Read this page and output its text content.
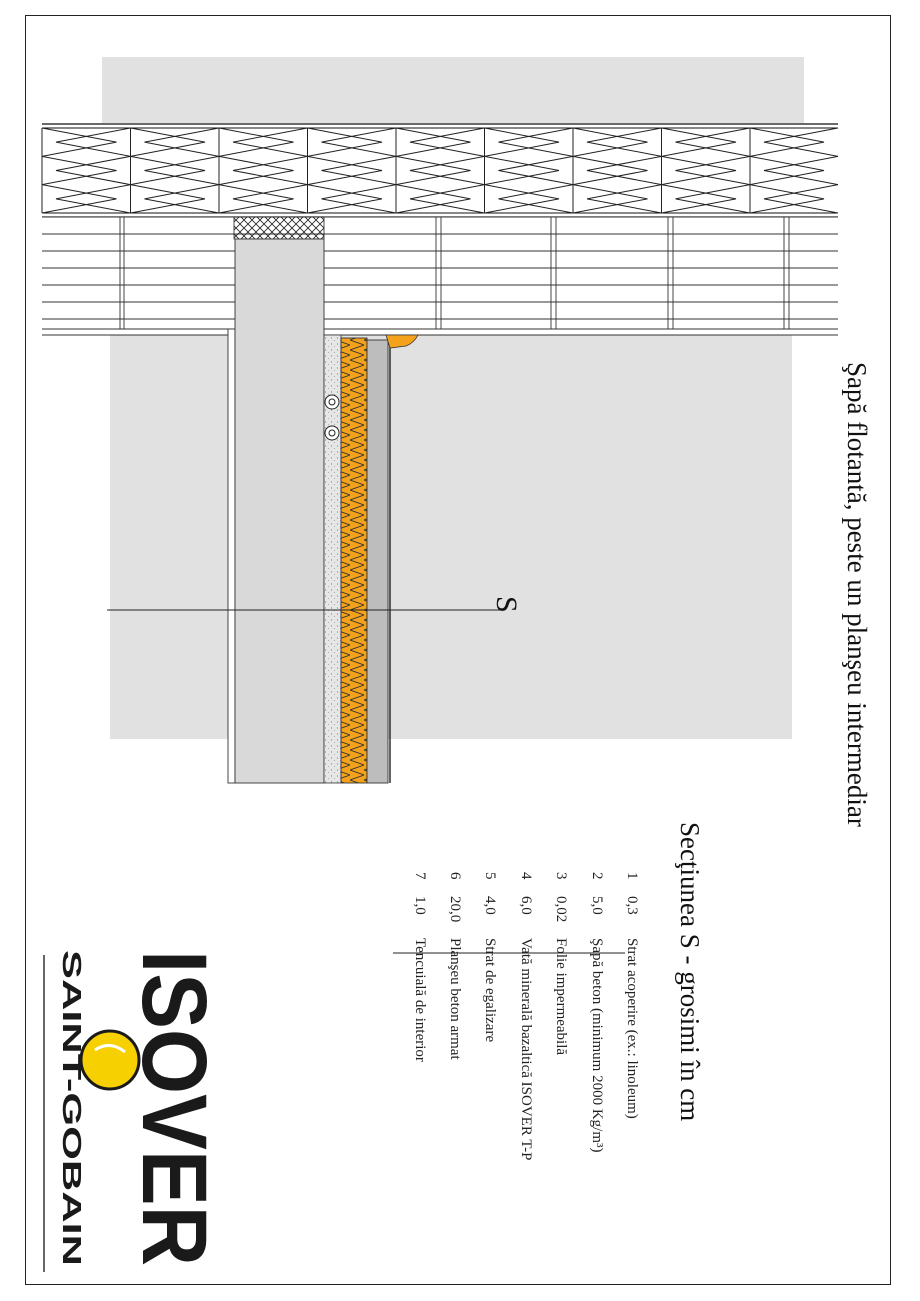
ISOVER
SAINT-GOBAIN
Şapă flotantă, peste un planşeu intermediar
S
Secţiunea S - grosimi în cm
10,3Strat acoperire (ex.: linoleum)
25,0Şapă beton (minimum 2000 Kg/m³)
30,02Folie impermeabilă
46,0Vată minerală bazaltică ISOVER T-P
54,0Strat de egalizare
620,0Planşeu beton armat
71,0Tencuială de interior
